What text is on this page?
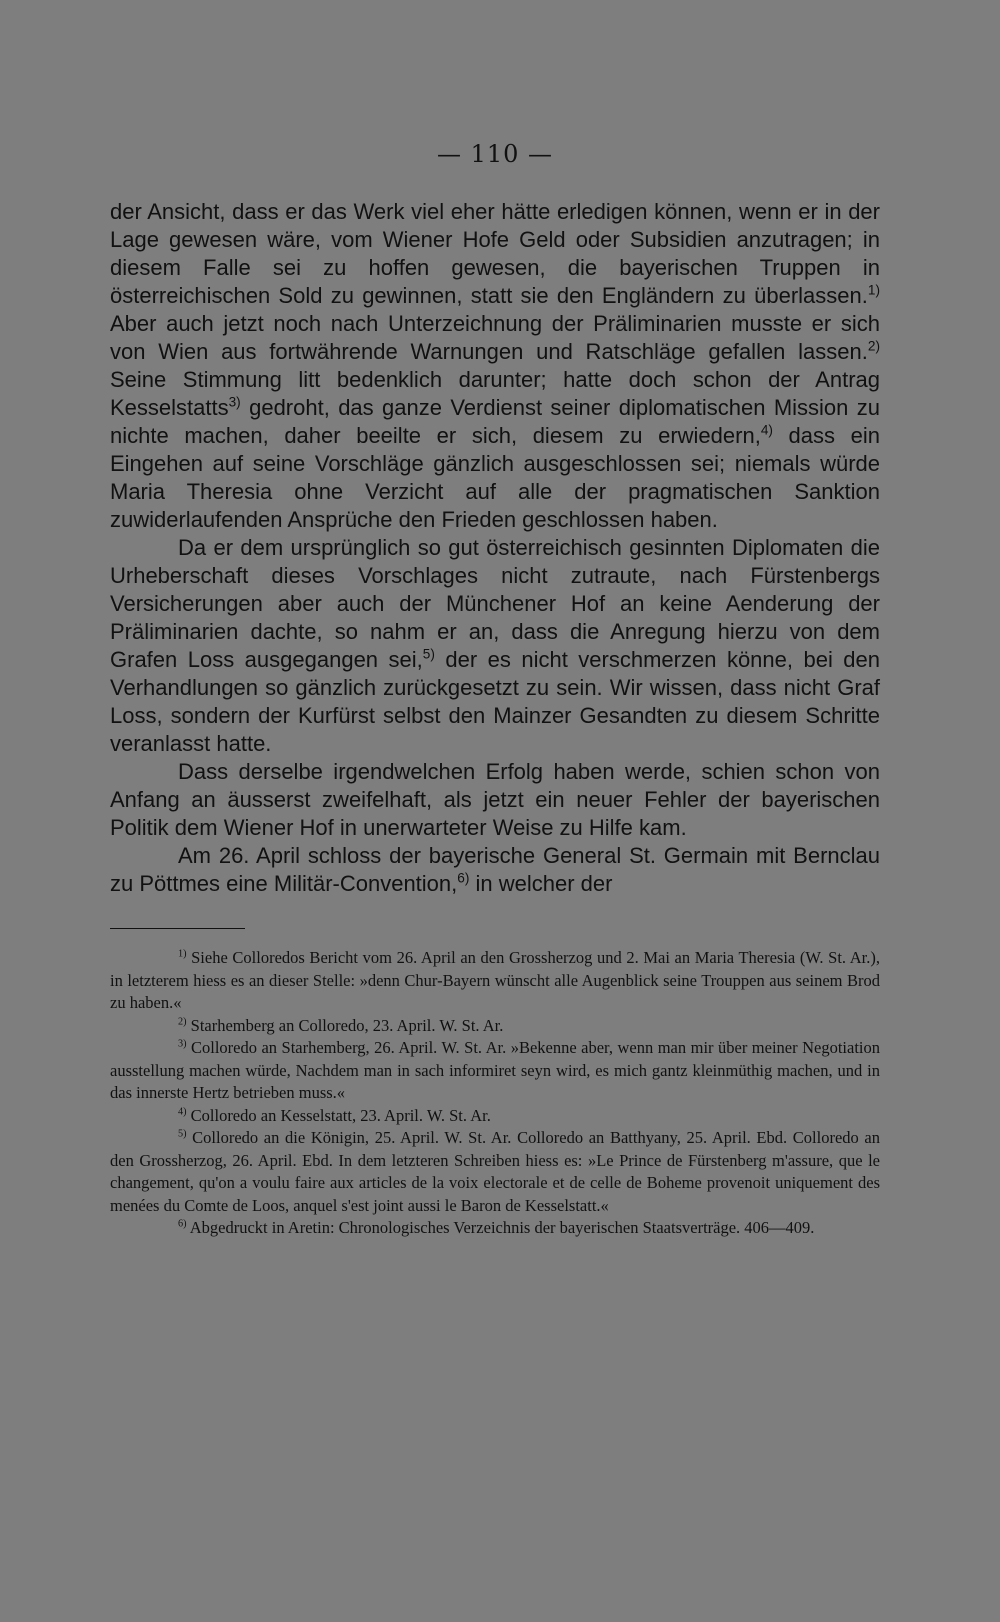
— 110 —

der Ansicht, dass er das Werk viel eher hätte erledigen können, wenn er in der Lage gewesen wäre, vom Wiener Hofe Geld oder Subsidien anzutragen; in diesem Falle sei zu hoffen gewesen, die bayerischen Truppen in österreichischen Sold zu gewinnen, statt sie den Engländern zu überlassen.$^{1)}$ Aber auch jetzt noch nach Unterzeichnung der Präliminarien musste er sich von Wien aus fortwährende Warnungen und Ratschläge gefallen lassen.$^{2)}$ Seine Stimmung litt bedenklich darunter; hatte doch schon der Antrag Kesselstatts$^{3)}$ gedroht, das ganze Verdienst seiner diplomatischen Mission zu nichte machen, daher beeilte er sich, diesem zu erwiedern,$^{4)}$ dass ein Eingehen auf seine Vorschläge gänzlich ausgeschlossen sei; niemals würde Maria Theresia ohne Verzicht auf alle der pragmatischen Sanktion zuwiderlaufenden Ansprüche den Frieden geschlossen haben.

Da er dem ursprünglich so gut österreichisch gesinnten Diplomaten die Urheberschaft dieses Vorschlages nicht zutraute, nach Fürstenbergs Versicherungen aber auch der Münchener Hof an keine Aenderung der Präliminarien dachte, so nahm er an, dass die Anregung hierzu von dem Grafen Loss ausgegangen sei,$^{5)}$ der es nicht verschmerzen könne, bei den Verhandlungen so gänzlich zurückgesetzt zu sein. Wir wissen, dass nicht Graf Loss, sondern der Kurfürst selbst den Mainzer Gesandten zu diesem Schritte veranlasst hatte.

Dass derselbe irgendwelchen Erfolg haben werde, schien schon von Anfang an äusserst zweifelhaft, als jetzt ein neuer Fehler der bayerischen Politik dem Wiener Hof in unerwarteter Weise zu Hilfe kam.

Am 26. April schloss der bayerische General St. Germain mit Bernclau zu Pöttmes eine Militär-Convention,$^{6)}$ in welcher der

$^{1)}$ Siehe Colloredos Bericht vom 26. April an den Grossherzog und 2. Mai an Maria Theresia (W. St. Ar.), in letzterem hiess es an dieser Stelle: »denn Chur-Bayern wünscht alle Augenblick seine Trouppen aus seinem Brod zu haben.«

$^{2)}$ Starhemberg an Colloredo, 23. April. W. St. Ar.

$^{3)}$ Colloredo an Starhemberg, 26. April. W. St. Ar. »Bekenne aber, wenn man mir über meiner Negotiation ausstellung machen würde, Nachdem man in sach informiret seyn wird, es mich gantz kleinmüthig machen, und in das innerste Hertz betrieben muss.«

$^{4)}$ Colloredo an Kesselstatt, 23. April. W. St. Ar.

$^{5)}$ Colloredo an die Königin, 25. April. W. St. Ar. Colloredo an Batthyany, 25. April. Ebd. Colloredo an den Grossherzog, 26. April. Ebd. In dem letzteren Schreiben hiess es: »Le Prince de Fürstenberg m'assure, que le changement, qu'on a voulu faire aux articles de la voix electorale et de celle de Boheme provenoit uniquement des menées du Comte de Loos, anquel s'est joint aussi le Baron de Kesselstatt.«

$^{6)}$ Abgedruckt in Aretin: Chronologisches Verzeichnis der bayerischen Staatsverträge. 406—409.
